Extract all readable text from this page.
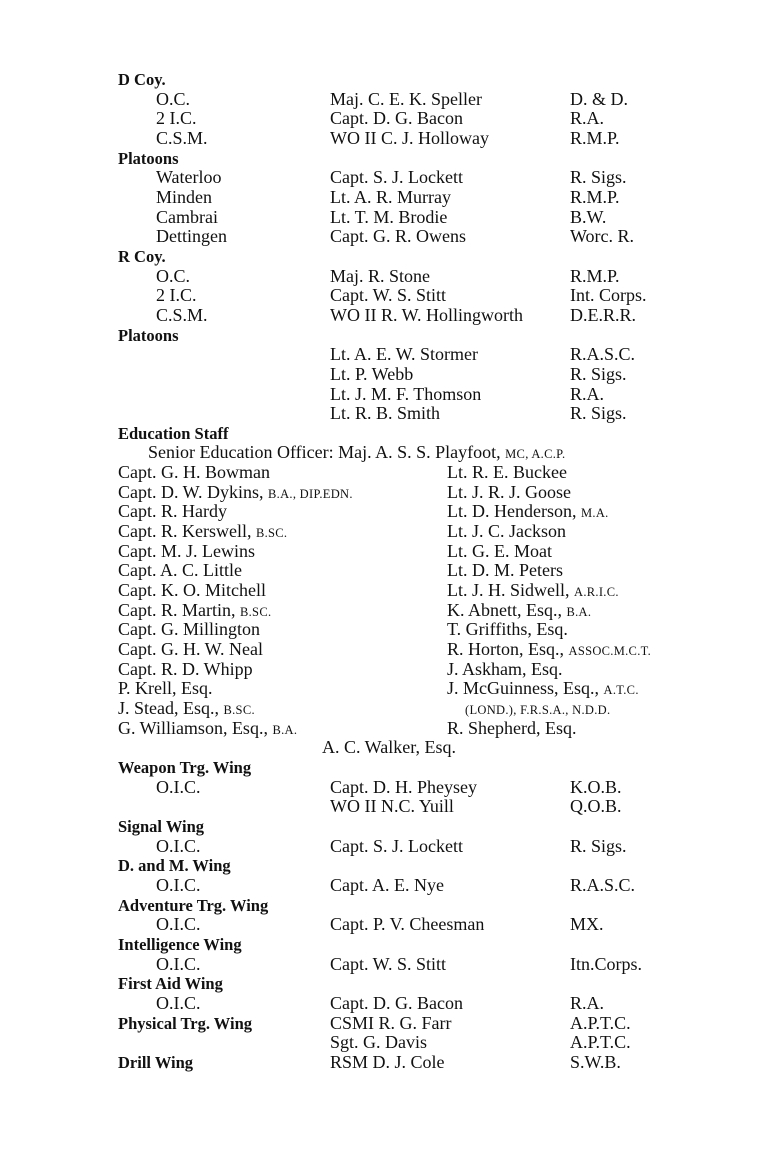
D Coy.
O.C.	Maj. C. E. K. Speller	D. & D.
2 I.C.	Capt. D. G. Bacon	R.A.
C.S.M.	WO II C. J. Holloway	R.M.P.
Platoons
Waterloo	Capt. S. J. Lockett	R. Sigs.
Minden	Lt. A. R. Murray	R.M.P.
Cambrai	Lt. T. M. Brodie	B.W.
Dettingen	Capt. G. R. Owens	Worc. R.
R Coy.
O.C.	Maj. R. Stone	R.M.P.
2 I.C.	Capt. W. S. Stitt	Int. Corps.
C.S.M.	WO II R. W. Hollingworth	D.E.R.R.
Platoons
Lt. A. E. W. Stormer	R.A.S.C.
Lt. P. Webb	R. Sigs.
Lt. J. M. F. Thomson	R.A.
Lt. R. B. Smith	R. Sigs.
Education Staff
Senior Education Officer: Maj. A. S. S. Playfoot, MC, A.C.P.
Capt. G. H. Bowman	Lt. R. E. Buckee
Capt. D. W. Dykins, B.A., DIP.EDN.	Lt. J. R. J. Goose
Capt. R. Hardy	Lt. D. Henderson, M.A.
Capt. R. Kerswell, B.SC.	Lt. J. C. Jackson
Capt. M. J. Lewins	Lt. G. E. Moat
Capt. A. C. Little	Lt. D. M. Peters
Capt. K. O. Mitchell	Lt. J. H. Sidwell, A.R.I.C.
Capt. R. Martin, B.SC.	K. Abnett, Esq., B.A.
Capt. G. Millington	T. Griffiths, Esq.
Capt. G. H. W. Neal	R. Horton, Esq., ASSOC.M.C.T.
Capt. R. D. Whipp	J. Askham, Esq.
P. Krell, Esq.	J. McGuinness, Esq., A.T.C.
J. Stead, Esq., B.SC.	(LOND.), F.R.S.A., N.D.D.
G. Williamson, Esq., B.A.	R. Shepherd, Esq.
A. C. Walker, Esq.
Weapon Trg. Wing
O.I.C.	Capt. D. H. Pheysey	K.O.B.
WO II N.C. Yuill	Q.O.B.
Signal Wing
O.I.C.	Capt. S. J. Lockett	R. Sigs.
D. and M. Wing
O.I.C.	Capt. A. E. Nye	R.A.S.C.
Adventure Trg. Wing
O.I.C.	Capt. P. V. Cheesman	MX.
Intelligence Wing
O.I.C.	Capt. W. S. Stitt	Itn.Corps.
First Aid Wing
O.I.C.	Capt. D. G. Bacon	R.A.
Physical Trg. Wing	CSMI R. G. Farr	A.P.T.C.
Sgt. G. Davis	A.P.T.C.
Drill Wing	RSM D. J. Cole	S.W.B.
